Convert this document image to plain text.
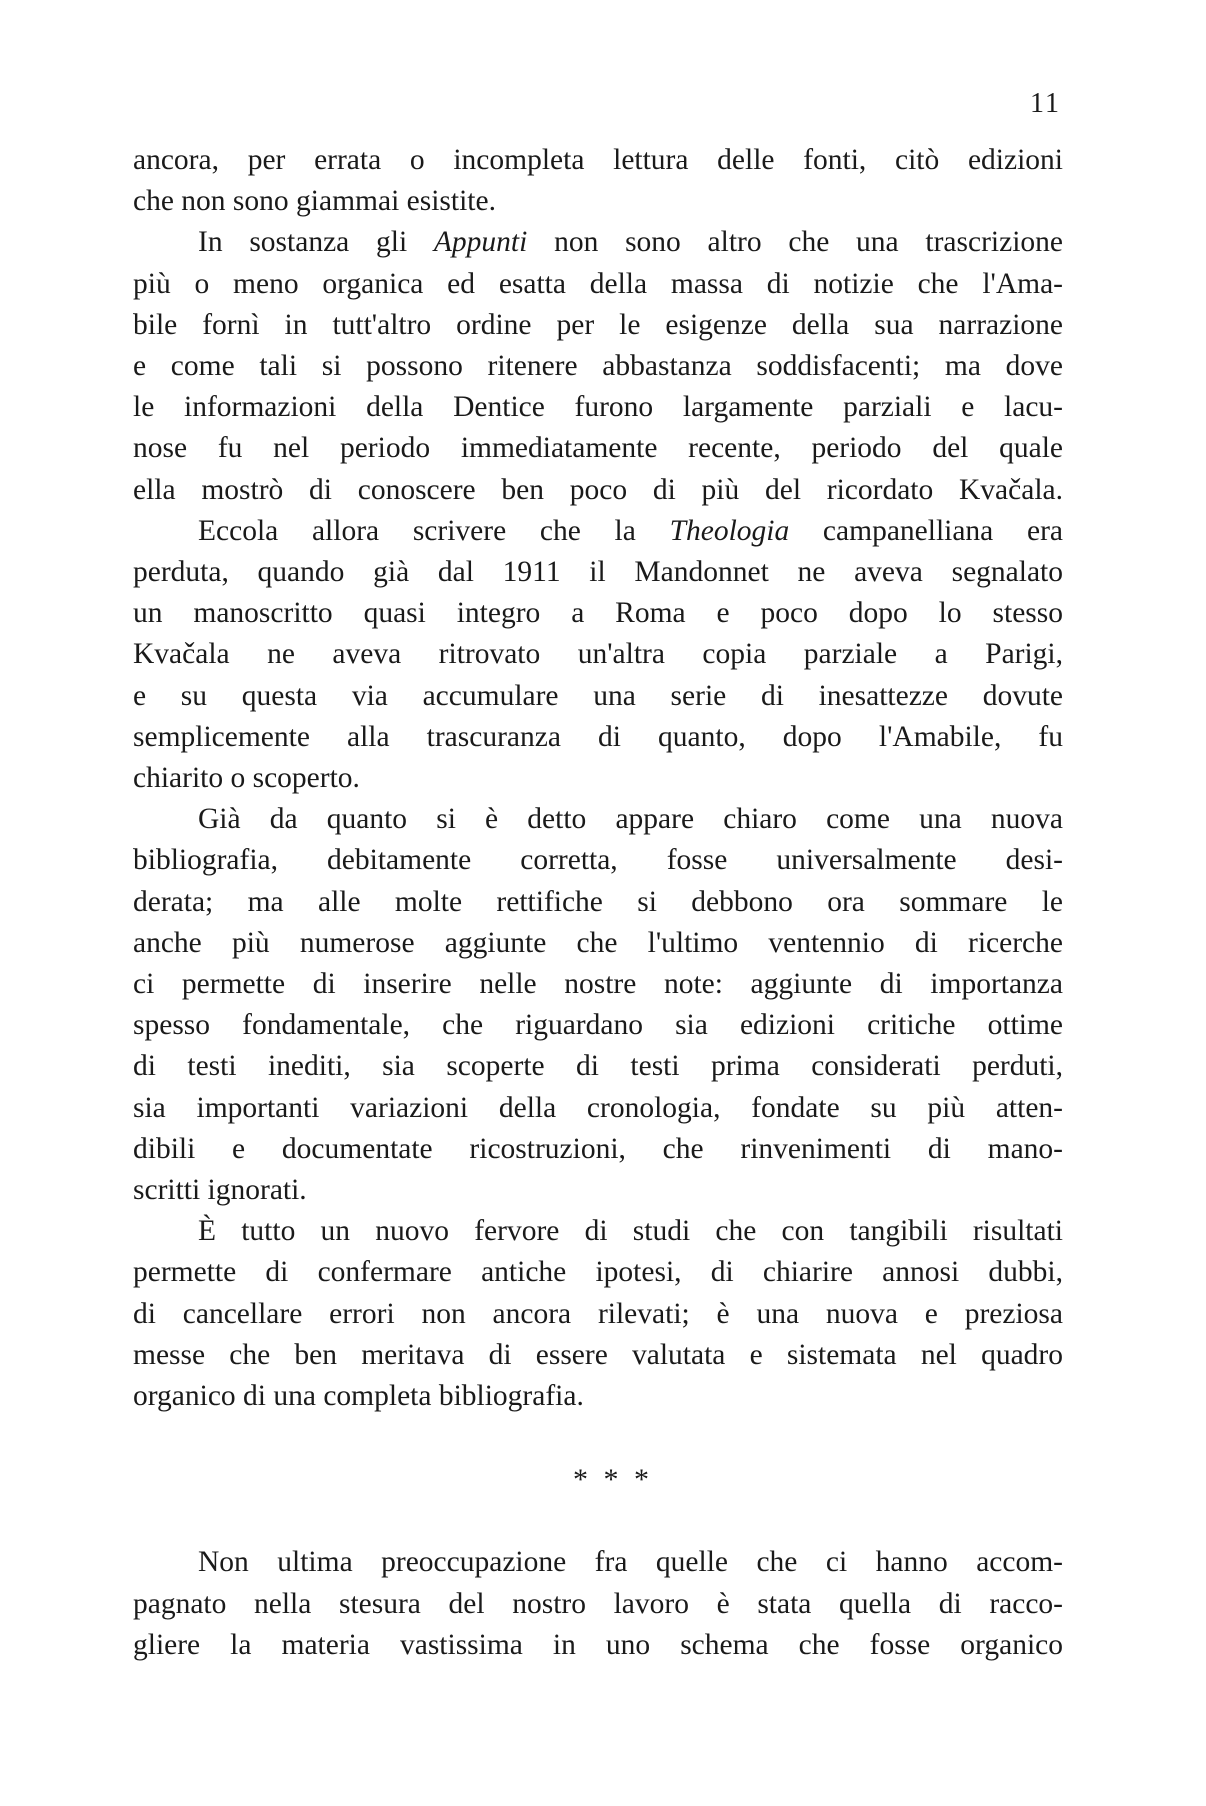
11
ancora, per errata o incompleta lettura delle fonti, citò edizioni
che non sono giammai esistite.
In sostanza gli Appunti non sono altro che una trascrizione
più o meno organica ed esatta della massa di notizie che l'Ama-
bile fornì in tutt'altro ordine per le esigenze della sua narrazione
e come tali si possono ritenere abbastanza soddisfacenti; ma dove
le informazioni della Dentice furono largamente parziali e lacu-
nose fu nel periodo immediatamente recente, periodo del quale
ella mostrò di conoscere ben poco di più del ricordato Kvačala.
Eccola allora scrivere che la Theologia campanelliana era
perduta, quando già dal 1911 il Mandonnet ne aveva segnalato
un manoscritto quasi integro a Roma e poco dopo lo stesso
Kvačala ne aveva ritrovato un'altra copia parziale a Parigi,
e su questa via accumulare una serie di inesattezze dovute
semplicemente alla trascuranza di quanto, dopo l'Amabile, fu
chiarito o scoperto.
Già da quanto si è detto appare chiaro come una nuova
bibliografia, debitamente corretta, fosse universalmente desi-
derata; ma alle molte rettifiche si debbono ora sommare le
anche più numerose aggiunte che l'ultimo ventennio di ricerche
ci permette di inserire nelle nostre note: aggiunte di importanza
spesso fondamentale, che riguardano sia edizioni critiche ottime
di testi inediti, sia scoperte di testi prima considerati perduti,
sia importanti variazioni della cronologia, fondate su più atten-
dibili e documentate ricostruzioni, che rinvenimenti di mano-
scritti ignorati.
È tutto un nuovo fervore di studi che con tangibili risultati
permette di confermare antiche ipotesi, di chiarire annosi dubbi,
di cancellare errori non ancora rilevati; è una nuova e preziosa
messe che ben meritava di essere valutata e sistemata nel quadro
organico di una completa bibliografia.
* * *
Non ultima preoccupazione fra quelle che ci hanno accom-
pagnato nella stesura del nostro lavoro è stata quella di racco-
gliere la materia vastissima in uno schema che fosse organico
